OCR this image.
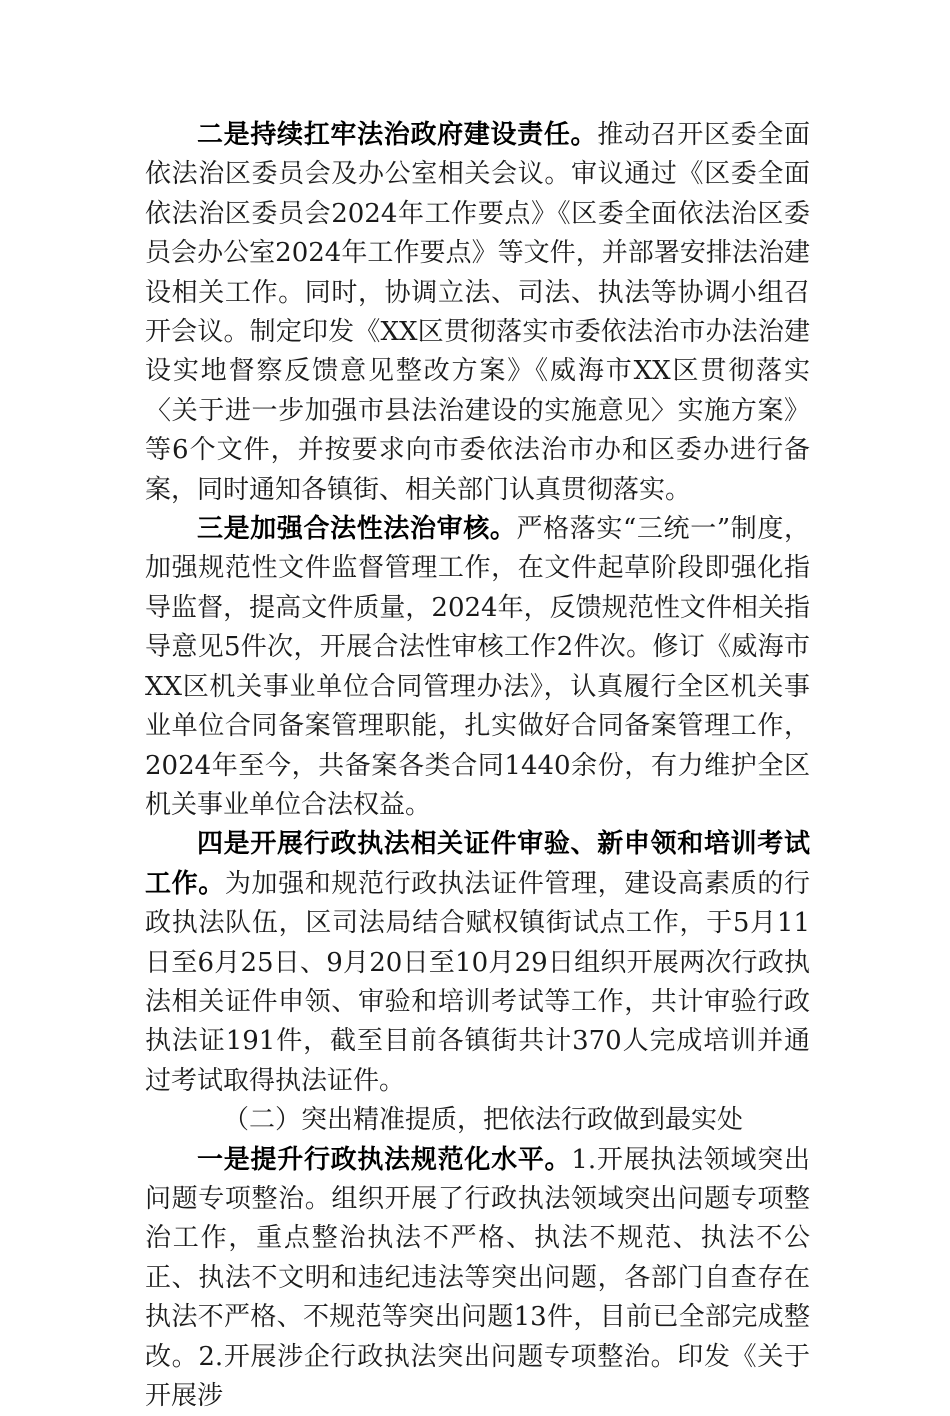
二是持续扛牢法治政府建设责任。推动召开区委全面依法治区委员会及办公室相关会议。审议通过《区委全面依法治区委员会2024年工作要点》《区委全面依法治区委员会办公室2024年工作要点》等文件，并部署安排法治建设相关工作。同时，协调立法、司法、执法等协调小组召开会议。制定印发《XX区贯彻落实市委依法治市办法治建设实地督察反馈意见整改方案》《威海市XX区贯彻落实〈关于进一步加强市县法治建设的实施意见〉实施方案》等6个文件，并按要求向市委依法治市办和区委办进行备案，同时通知各镇街、相关部门认真贯彻落实。

三是加强合法性法治审核。严格落实“三统一”制度，加强规范性文件监督管理工作，在文件起草阶段即强化指导监督，提高文件质量，2024年，反馈规范性文件相关指导意见5件次，开展合法性审核工作2件次。修订《威海市XX区机关事业单位合同管理办法》，认真履行全区机关事业单位合同备案管理职能，扎实做好合同备案管理工作，2024年至今，共备案各类合同1440余份，有力维护全区机关事业单位合法权益。

四是开展行政执法相关证件审验、新申领和培训考试工作。为加强和规范行政执法证件管理，建设高素质的行政执法队伍，区司法局结合赋权镇街试点工作，于5月11日至6月25日、9月20日至10月29日组织开展两次行政执法相关证件申领、审验和培训考试等工作，共计审验行政执法证191件，截至目前各镇街共计370人完成培训并通过考试取得执法证件。

（二）突出精准提质，把依法行政做到最实处

一是提升行政执法规范化水平。1.开展执法领域突出问题专项整治。组织开展了行政执法领域突出问题专项整治工作，重点整治执法不严格、执法不规范、执法不公正、执法不文明和违纪违法等突出问题，各部门自查存在执法不严格、不规范等突出问题13件，目前已全部完成整改。2.开展涉企行政执法突出问题专项整治。印发《关于开展涉
